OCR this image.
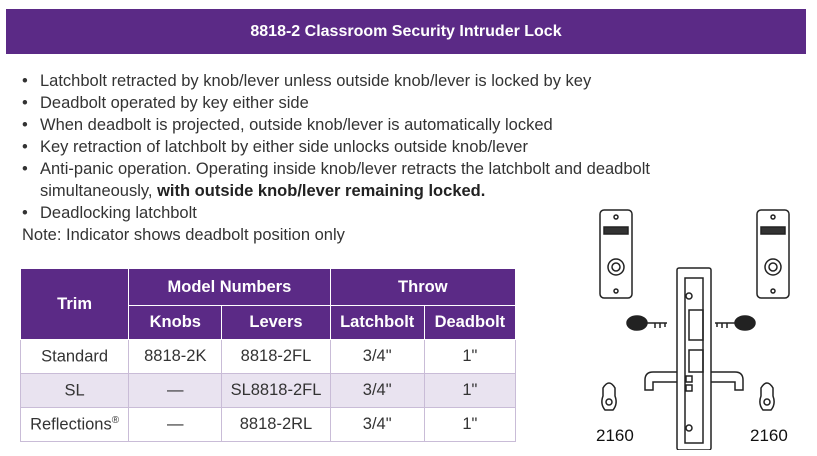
8818-2 Classroom Security Intruder Lock
• Latchbolt retracted by knob/lever unless outside knob/lever is locked by key
• Deadbolt operated by key either side
• When deadbolt is projected, outside knob/lever is automatically locked
• Key retraction of latchbolt by either side unlocks outside knob/lever
• Anti-panic operation. Operating inside knob/lever retracts the latchbolt and deadbolt simultaneously, with outside knob/lever remaining locked.
• Deadlocking latchbolt
Note: Indicator shows deadbolt position only
Trim	Model Numbers		Throw	
	Knobs	Levers	Latchbolt	Deadbolt
Standard	8818-2K	8818-2FL	3/4"	1"
SL	—	SL8818-2FL	3/4"	1"
Reflections®	—	8818-2RL	3/4"	1"
2160	2160
